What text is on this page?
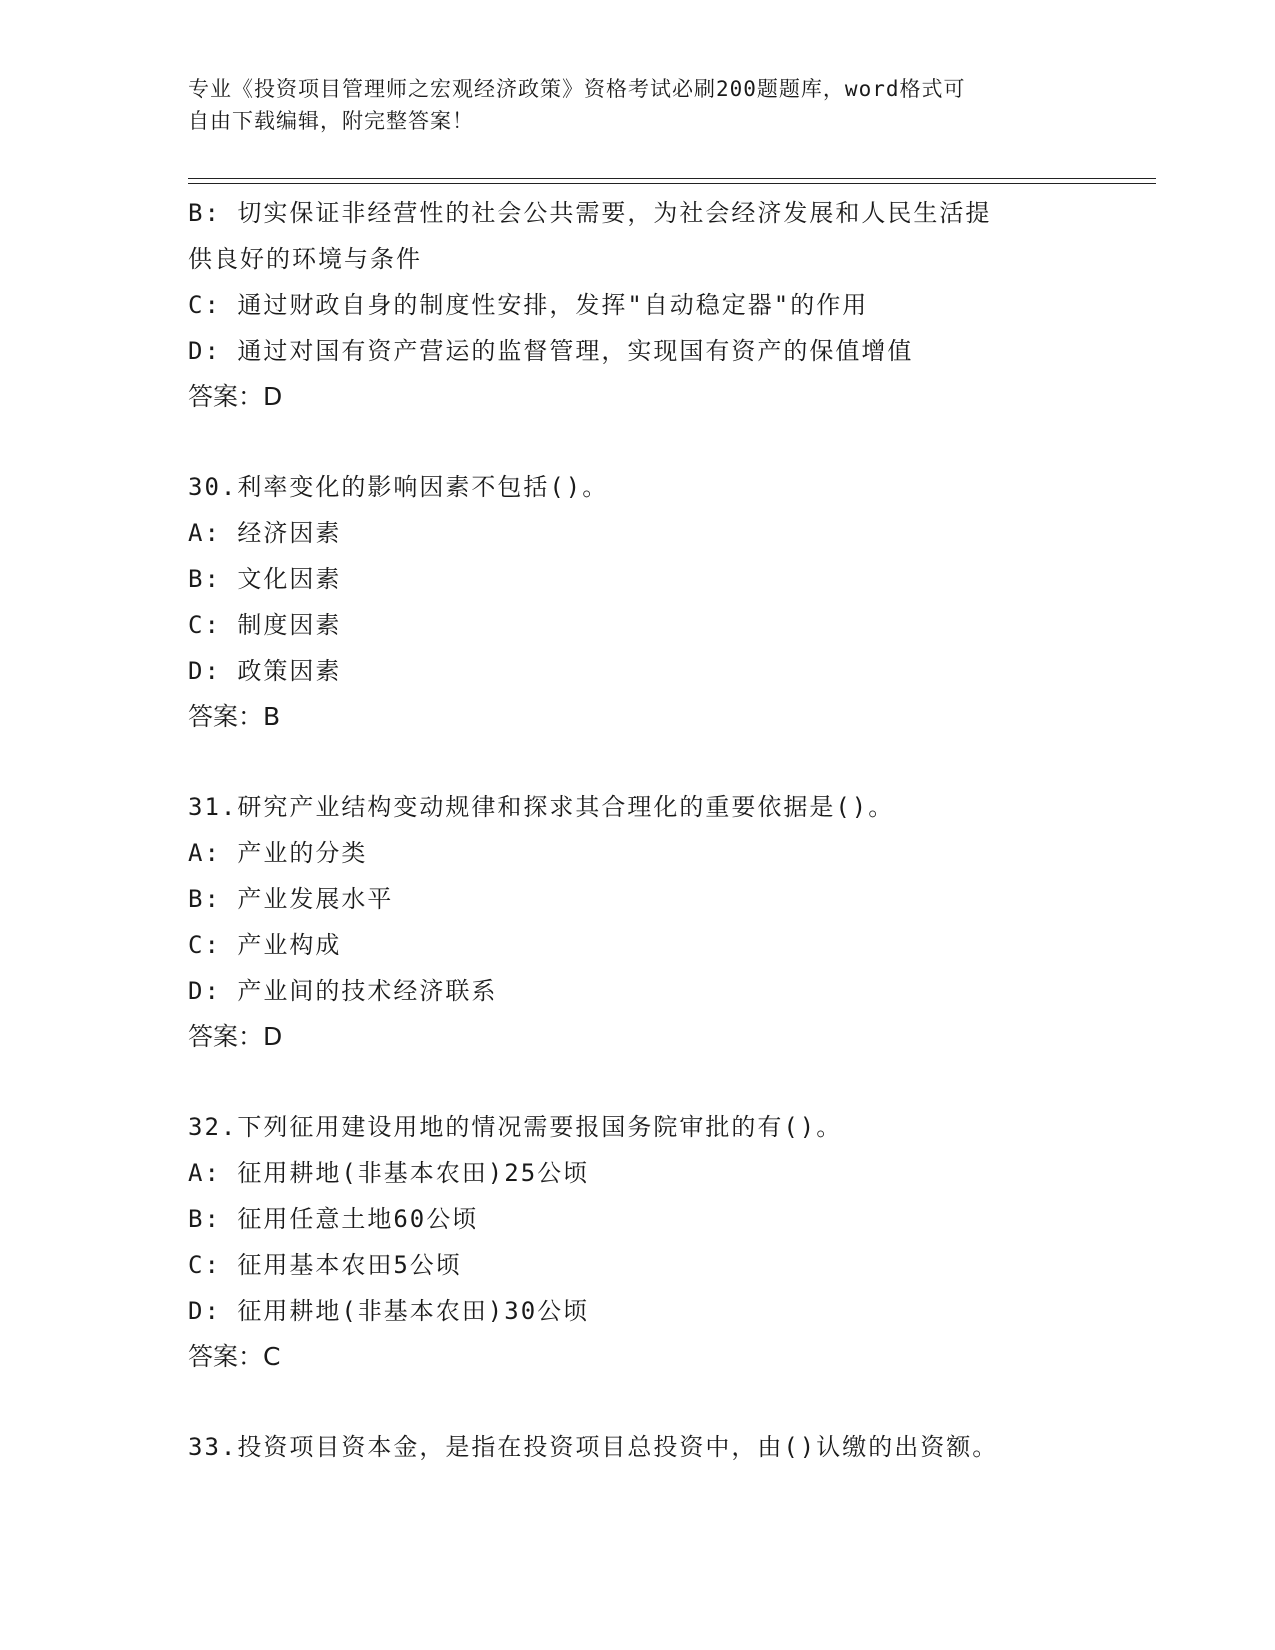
专业《投资项目管理师之宏观经济政策》资格考试必刷200题题库，word格式可
自由下载编辑，附完整答案！
B: 切实保证非经营性的社会公共需要，为社会经济发展和人民生活提
供良好的环境与条件
C: 通过财政自身的制度性安排，发挥"自动稳定器"的作用
D: 通过对国有资产营运的监督管理，实现国有资产的保值增值
答案：D
30.利率变化的影响因素不包括()。
A: 经济因素
B: 文化因素
C: 制度因素
D: 政策因素
答案：B
31.研究产业结构变动规律和探求其合理化的重要依据是()。
A: 产业的分类
B: 产业发展水平
C: 产业构成
D: 产业间的技术经济联系
答案：D
32.下列征用建设用地的情况需要报国务院审批的有()。
A: 征用耕地(非基本农田)25公顷
B: 征用任意土地60公顷
C: 征用基本农田5公顷
D: 征用耕地(非基本农田)30公顷
答案：C
33.投资项目资本金，是指在投资项目总投资中，由()认缴的出资额。
